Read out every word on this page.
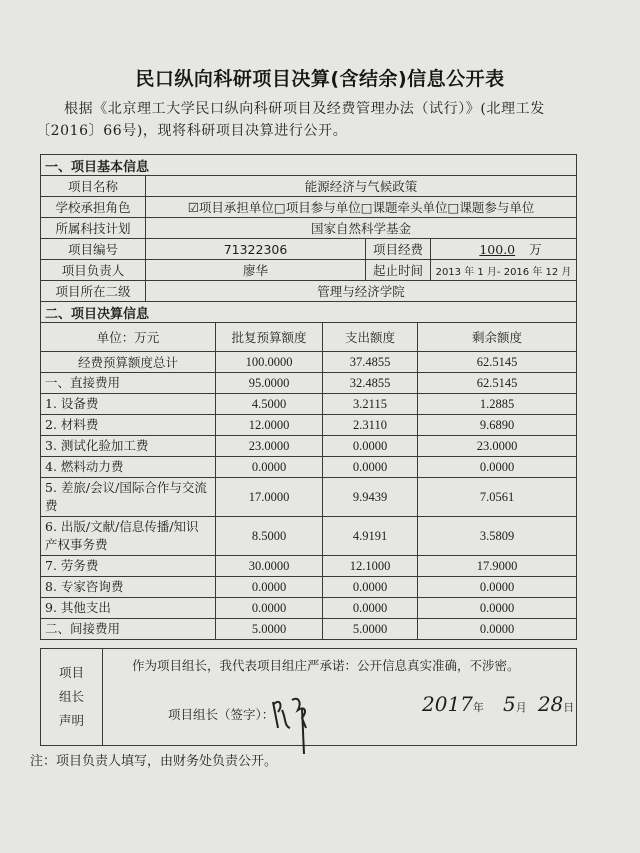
民口纵向科研项目决算(含结余)信息公开表
根据《北京理工大学民口纵向科研项目及经费管理办法（试行）》(北理工发〔2016〕66号)，现将科研项目决算进行公开。
一、项目基本信息			
项目名称	能源经济与气候政策		
学校承担角色	☑项目承担单位□项目参与单位□课题牵头单位□课题参与单位		
所属科技计划	国家自然科学基金		
项目编号	71322306	项目经费	100.0 万
项目负责人	廖华	起止时间	2013 年 1 月- 2016 年 12 月
项目所在二级	管理与经济学院		
二、项目决算信息			
单位：万元	批复预算额度	支出额度	剩余额度
经费预算额度总计	100.0000	37.4855	62.5145
一、直接费用	95.0000	32.4855	62.5145
1. 设备费	4.5000	3.2115	1.2885
2. 材料费	12.0000	2.3110	9.6890
3. 测试化验加工费	23.0000	0.0000	23.0000
4. 燃料动力费	0.0000	0.0000	0.0000
5. 差旅/会议/国际合作与交流费	17.0000	9.9439	7.0561
6. 出版/文献/信息传播/知识产权事务费	8.5000	4.9191	3.5809
7. 劳务费	30.0000	12.1000	17.9000
8. 专家咨询费	0.0000	0.0000	0.0000
9. 其他支出	0.0000	0.0000	0.0000
二、间接费用	5.0000	5.0000	0.0000
项目
组长
声明

作为项目组长，我代表项目组庄严承诺：公开信息真实准确，不涉密。
项目组长（签字）：	2017年 5月 28日
注：项目负责人填写，由财务处负责公开。
